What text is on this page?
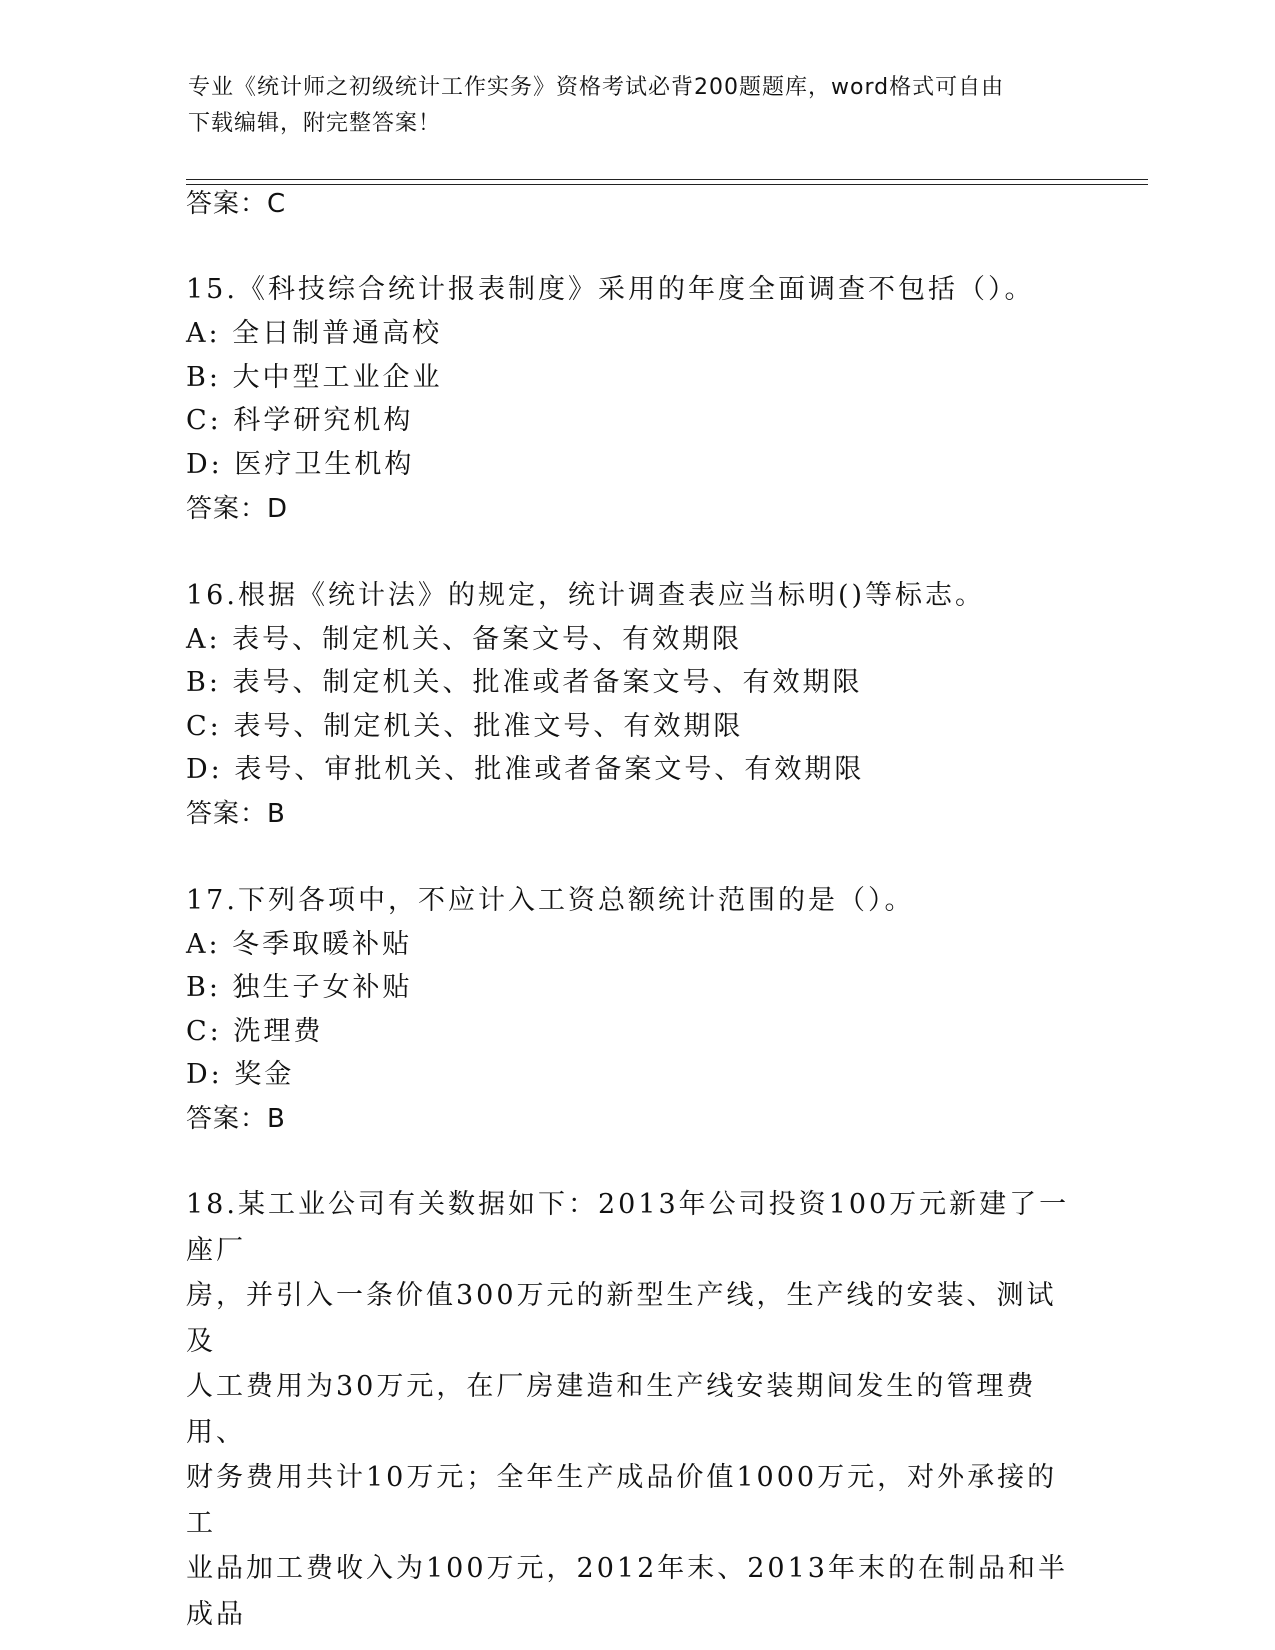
专业《统计师之初级统计工作实务》资格考试必背200题题库，word格式可自由
下载编辑，附完整答案！
答案：C
15.《科技综合统计报表制度》采用的年度全面调查不包括（）。
A: 全日制普通高校
B: 大中型工业企业
C: 科学研究机构
D: 医疗卫生机构
答案：D
16.根据《统计法》的规定，统计调查表应当标明()等标志。
A: 表号、制定机关、备案文号、有效期限
B: 表号、制定机关、批准或者备案文号、有效期限
C: 表号、制定机关、批准文号、有效期限
D: 表号、审批机关、批准或者备案文号、有效期限
答案：B
17.下列各项中，不应计入工资总额统计范围的是（）。
A: 冬季取暖补贴
B: 独生子女补贴
C: 洗理费
D: 奖金
答案：B
18.某工业公司有关数据如下：2013年公司投资100万元新建了一座厂
房，并引入一条价值300万元的新型生产线，生产线的安装、测试及
人工费用为30万元，在厂房建造和生产线安装期间发生的管理费用、
财务费用共计10万元；全年生产成品价值1000万元，对外承接的工
业品加工费收入为100万元，2012年末、2013年末的在制品和半成品
